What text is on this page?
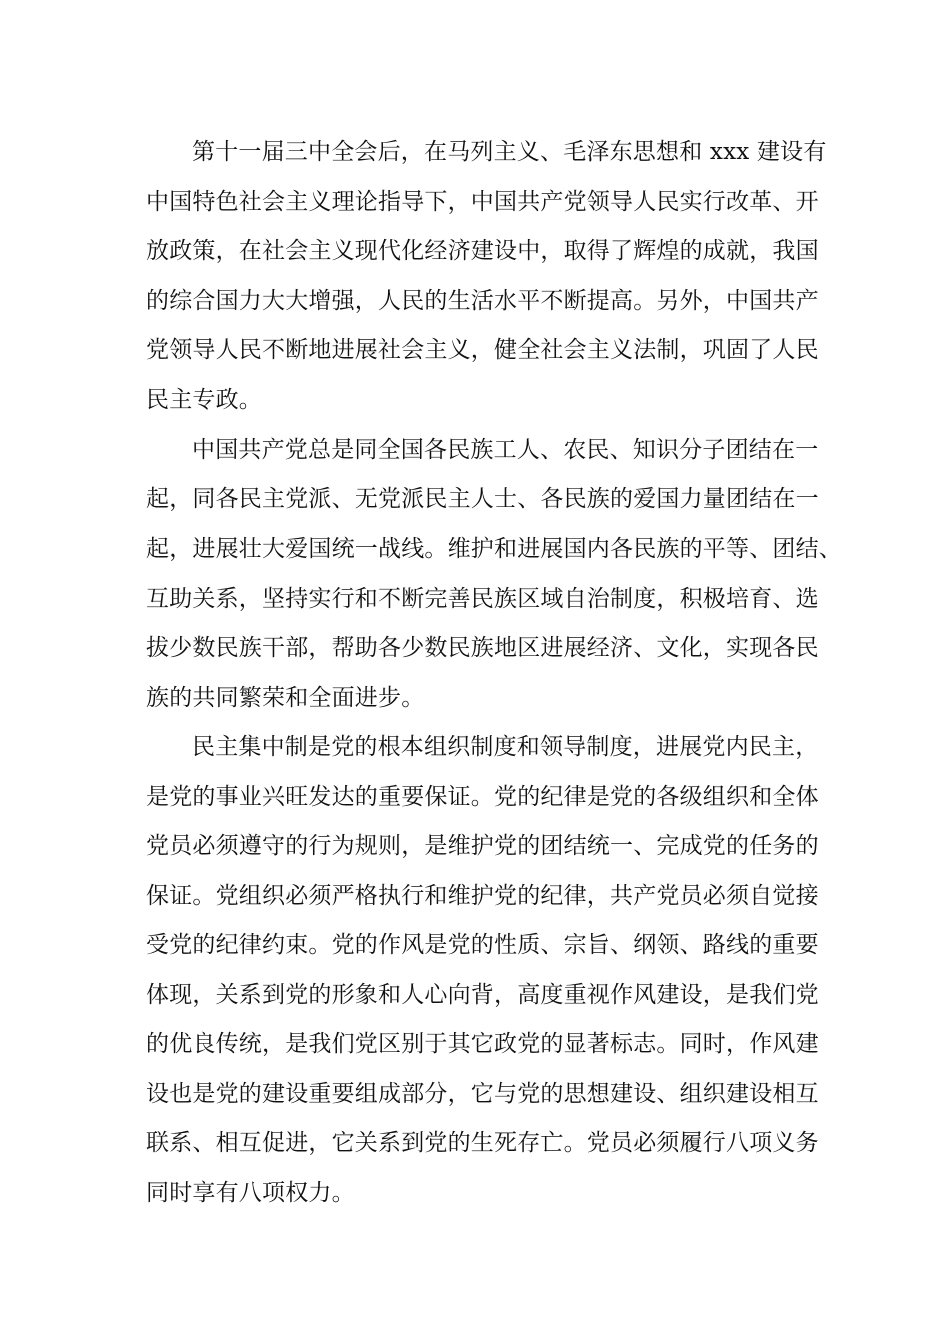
第十一届三中全会后，在马列主义、毛泽东思想和 xxx 建设有
中国特色社会主义理论指导下，中国共产党领导人民实行改革、开
放政策，在社会主义现代化经济建设中，取得了辉煌的成就，我国
的综合国力大大增强，人民的生活水平不断提高。另外，中国共产
党领导人民不断地进展社会主义，健全社会主义法制，巩固了人民
民主专政。
中国共产党总是同全国各民族工人、农民、知识分子团结在一
起，同各民主党派、无党派民主人士、各民族的爱国力量团结在一
起，进展壮大爱国统一战线。维护和进展国内各民族的平等、团结、
互助关系，坚持实行和不断完善民族区域自治制度，积极培育、选
拔少数民族干部，帮助各少数民族地区进展经济、文化，实现各民
族的共同繁荣和全面进步。
民主集中制是党的根本组织制度和领导制度，进展党内民主，
是党的事业兴旺发达的重要保证。党的纪律是党的各级组织和全体
党员必须遵守的行为规则，是维护党的团结统一、完成党的任务的
保证。党组织必须严格执行和维护党的纪律，共产党员必须自觉接
受党的纪律约束。党的作风是党的性质、宗旨、纲领、路线的重要
体现，关系到党的形象和人心向背，高度重视作风建设，是我们党
的优良传统，是我们党区别于其它政党的显著标志。同时，作风建
设也是党的建设重要组成部分，它与党的思想建设、组织建设相互
联系、相互促进，它关系到党的生死存亡。党员必须履行八项义务
同时享有八项权力。
